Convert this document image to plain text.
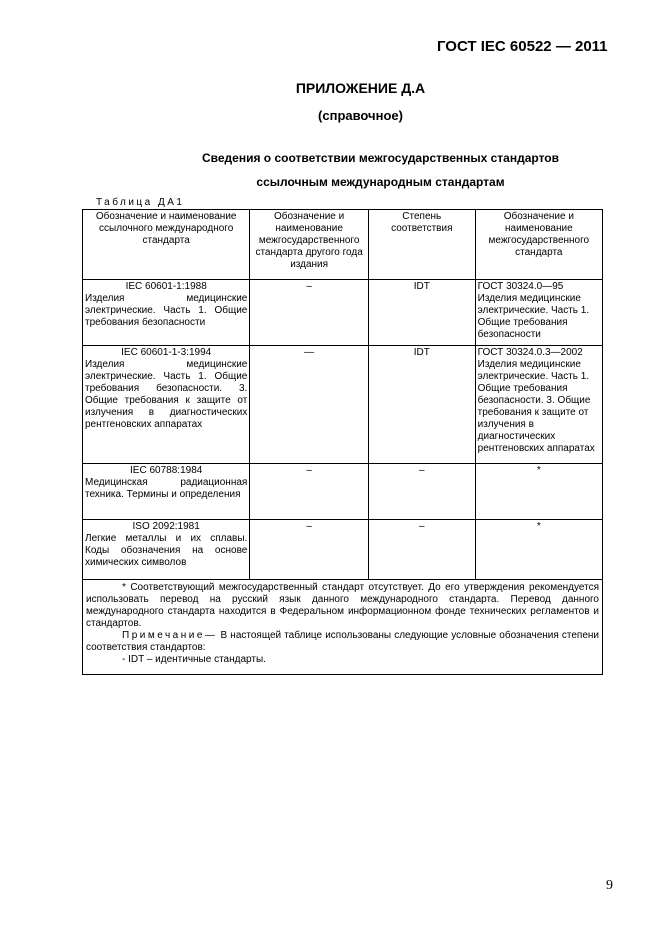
ГОСТ IEC 60522 — 2011
ПРИЛОЖЕНИЕ Д.А
(справочное)
Сведения о соответствии межгосударственных стандартов
ссылочным международным стандартам
Таблица ДА1
Обозначение и наименование ссылочного международного стандарта	Обозначение и наименование межгосударственного стандарта другого года издания	Степень соответствия	Обозначение и наименование межгосударственного стандарта

IEC 60601-1:1988
Изделия медицинские электрические. Часть 1. Общие требования безопасности	–	IDT	ГОСТ 30324.0—95 Изделия медицинские электрические. Часть 1. Общие требования безопасности

IEC 60601-1-3:1994
Изделия медицинские электрические. Часть 1. Общие требования безопасности. 3. Общие требования к защите от излучения в диагностических рентгеновских аппаратах	—	IDT	ГОСТ 30324.0.3—2002 Изделия медицинские электрические. Часть 1. Общие требования безопасности. 3. Общие требования к защите от излучения в диагностических рентгеновских аппаратах

IEC 60788:1984
Медицинская радиационная техника. Термины и определения	–	–	*

ISO 2092:1981
Легкие металлы и их сплавы. Коды обозначения на основе химических символов	–	–	*

* Соответствующий межгосударственный стандарт отсутствует. До его утверждения рекомендуется использовать перевод на русский язык данного международного стандарта. Перевод данного международного стандарта находится в Федеральном информационном фонде технических регламентов и стандартов.

Примечание— В настоящей таблице использованы следующие условные обозначения степени соответствия стандартов:

- IDT – идентичные стандарты.			

9
